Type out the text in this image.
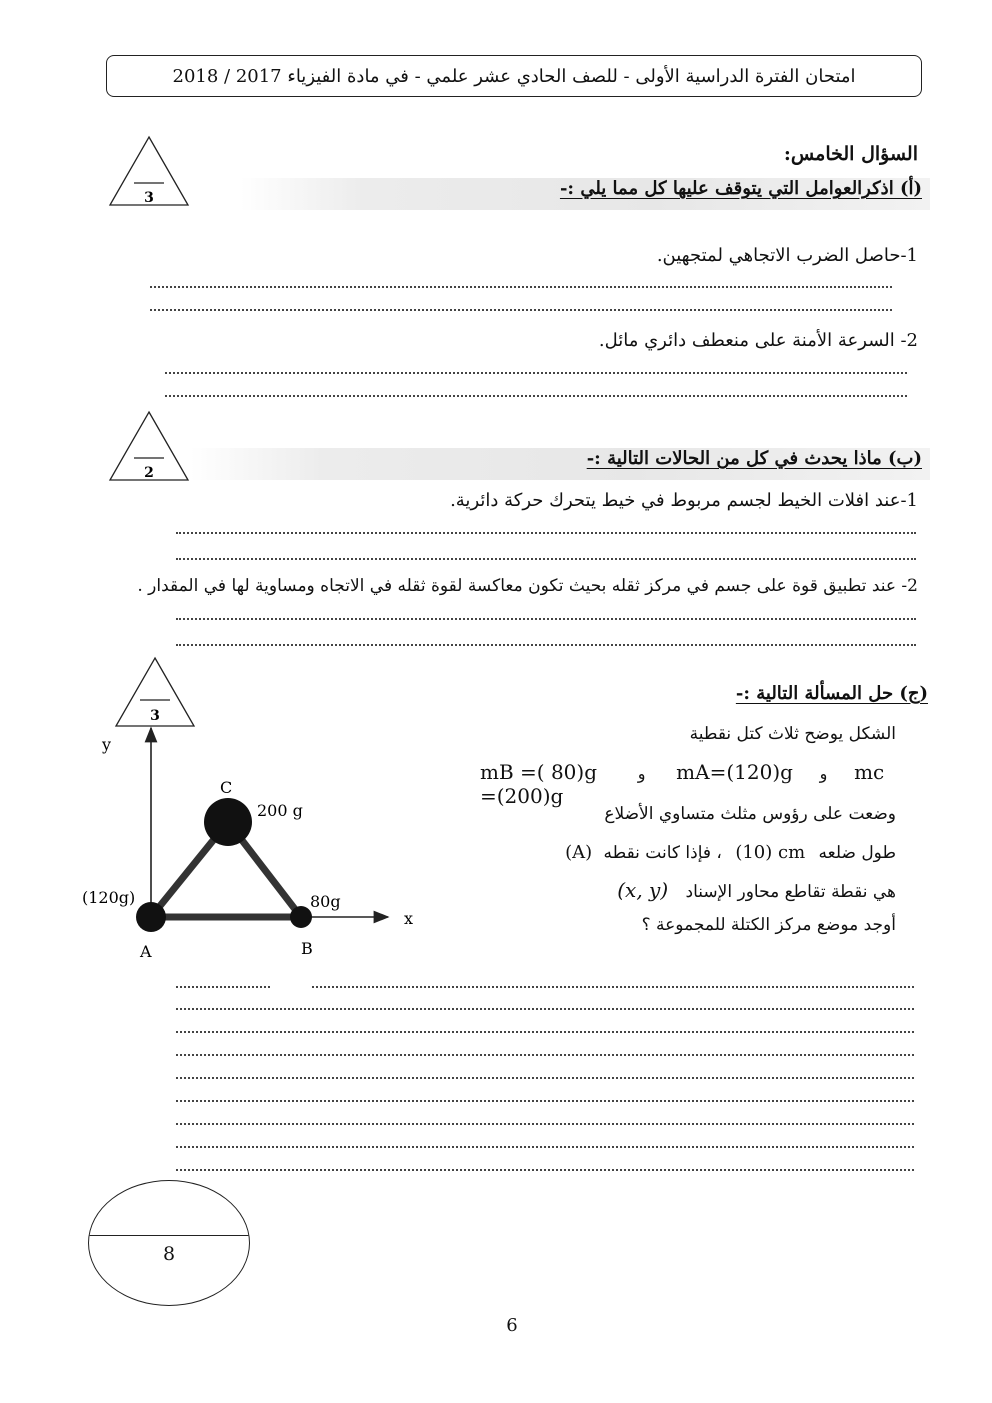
امتحان الفترة الدراسية الأولى - للصف الحادي عشر علمي - في مادة الفيزياء 2017 / 2018
السؤال الخامس:
3	(أ) اذكرالعوامل التي يتوقف عليها كل مما يلي :-
1-حاصل الضرب الاتجاهي لمتجهين.
2- السرعة الأمنة على منعطف دائري مائل.
2
(ب) ماذا يحدث في كل من الحالات التالية :-
1-عند افلات الخيط لجسم مربوط في خيط يتحرك حركة دائرية.
2- عند تطبيق قوة على جسم في مركز ثقله بحيث تكون معاكسة لقوة ثقله في الاتجاه ومساوية لها في المقدار .
3
(ج) حل المسألة التالية :-
الشكل يوضح ثلاث كتل نقطية
mB =( 80)g	و mA=(120)g و mc =(200)g
وضعت على رؤوس مثلث متساوي الأضلاع
طول ضلعه (10) cm ، فإذا كانت نقطه (A)
هي نقطة تقاطع محاور الإسناد (x, y)
أوجد موضع مركز الكتلة للمجموعة ؟
y
x
C
200 g
(120g)
A
80g
B
8
6
